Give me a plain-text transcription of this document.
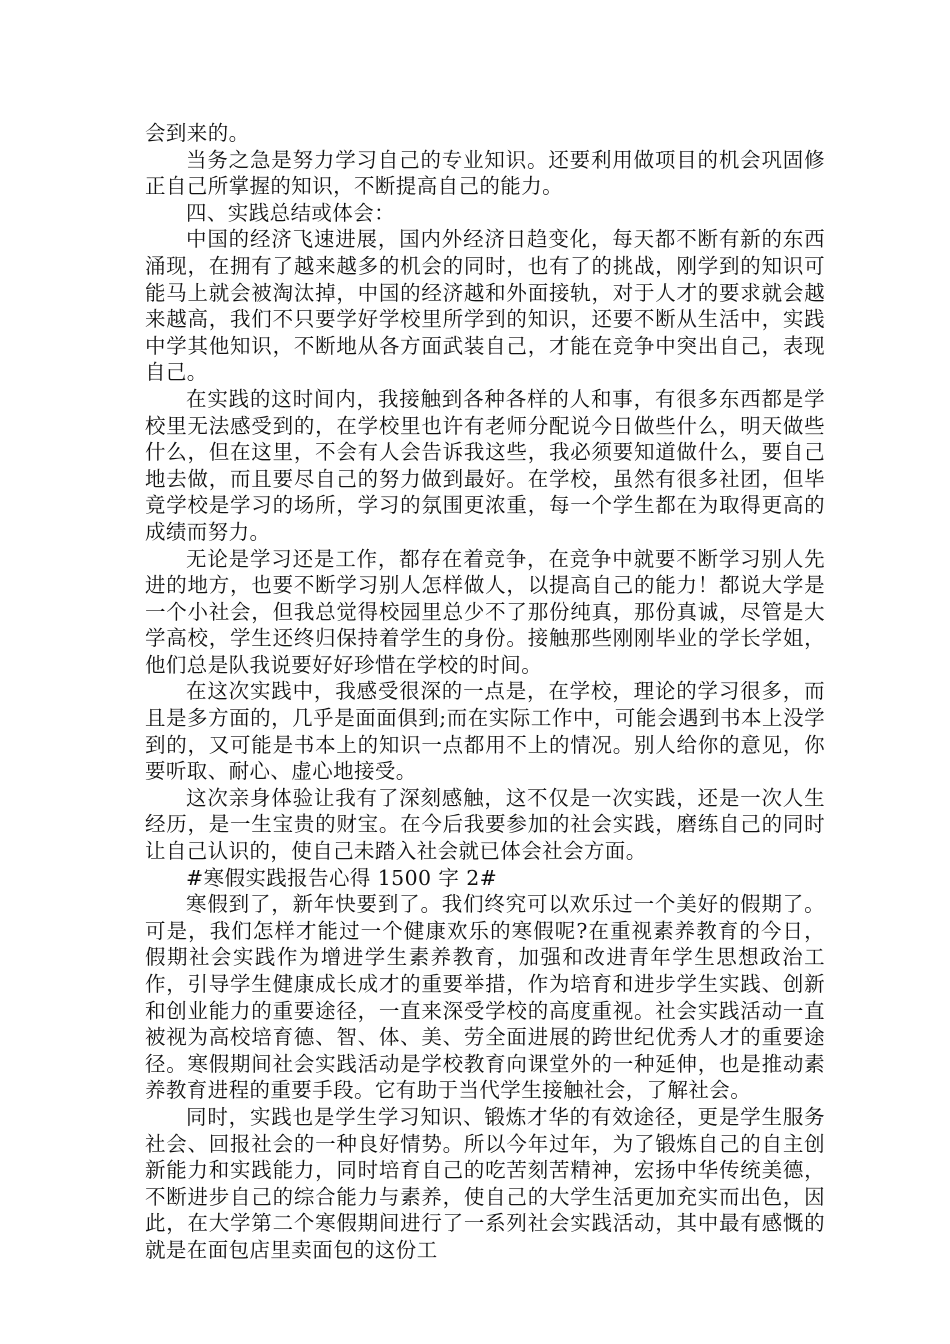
会到来的。

当务之急是努力学习自己的专业知识。还要利用做项目的机会巩固修正自己所掌握的知识，不断提高自己的能力。

四、实践总结或体会：

中国的经济飞速进展，国内外经济日趋变化，每天都不断有新的东西涌现，在拥有了越来越多的机会的同时，也有了的挑战，刚学到的知识可能马上就会被淘汰掉，中国的经济越和外面接轨，对于人才的要求就会越来越高，我们不只要学好学校里所学到的知识，还要不断从生活中，实践中学其他知识，不断地从各方面武装自己，才能在竞争中突出自己，表现自己。

在实践的这时间内，我接触到各种各样的人和事，有很多东西都是学校里无法感受到的，在学校里也许有老师分配说今日做些什么，明天做些什么，但在这里，不会有人会告诉我这些，我必须要知道做什么，要自己地去做，而且要尽自己的努力做到最好。在学校，虽然有很多社团，但毕竟学校是学习的场所，学习的氛围更浓重，每一个学生都在为取得更高的成绩而努力。

无论是学习还是工作，都存在着竞争，在竞争中就要不断学习别人先进的地方，也要不断学习别人怎样做人，以提高自己的能力！都说大学是一个小社会，但我总觉得校园里总少不了那份纯真，那份真诚，尽管是大学高校，学生还终归保持着学生的身份。接触那些刚刚毕业的学长学姐，他们总是队我说要好好珍惜在学校的时间。

在这次实践中，我感受很深的一点是，在学校，理论的学习很多，而且是多方面的，几乎是面面俱到;而在实际工作中，可能会遇到书本上没学到的，又可能是书本上的知识一点都用不上的情况。别人给你的意见，你要听取、耐心、虚心地接受。

这次亲身体验让我有了深刻感触，这不仅是一次实践，还是一次人生经历，是一生宝贵的财宝。在今后我要参加的社会实践，磨练自己的同时让自己认识的，使自己未踏入社会就已体会社会方面。

#寒假实践报告心得 1500 字 2#

寒假到了，新年快要到了。我们终究可以欢乐过一个美好的假期了。可是，我们怎样才能过一个健康欢乐的寒假呢?在重视素养教育的今日，假期社会实践作为增进学生素养教育，加强和改进青年学生思想政治工作，引导学生健康成长成才的重要举措，作为培育和进步学生实践、创新和创业能力的重要途径，一直来深受学校的高度重视。社会实践活动一直被视为高校培育德、智、体、美、劳全面进展的跨世纪优秀人才的重要途径。寒假期间社会实践活动是学校教育向课堂外的一种延伸，也是推动素养教育进程的重要手段。它有助于当代学生接触社会，了解社会。

同时，实践也是学生学习知识、锻炼才华的有效途径，更是学生服务社会、回报社会的一种良好情势。所以今年过年，为了锻炼自己的自主创新能力和实践能力，同时培育自己的吃苦刻苦精神，宏扬中华传统美德，不断进步自己的综合能力与素养，使自己的大学生活更加充实而出色，因此，在大学第二个寒假期间进行了一系列社会实践活动，其中最有感慨的就是在面包店里卖面包的这份工
